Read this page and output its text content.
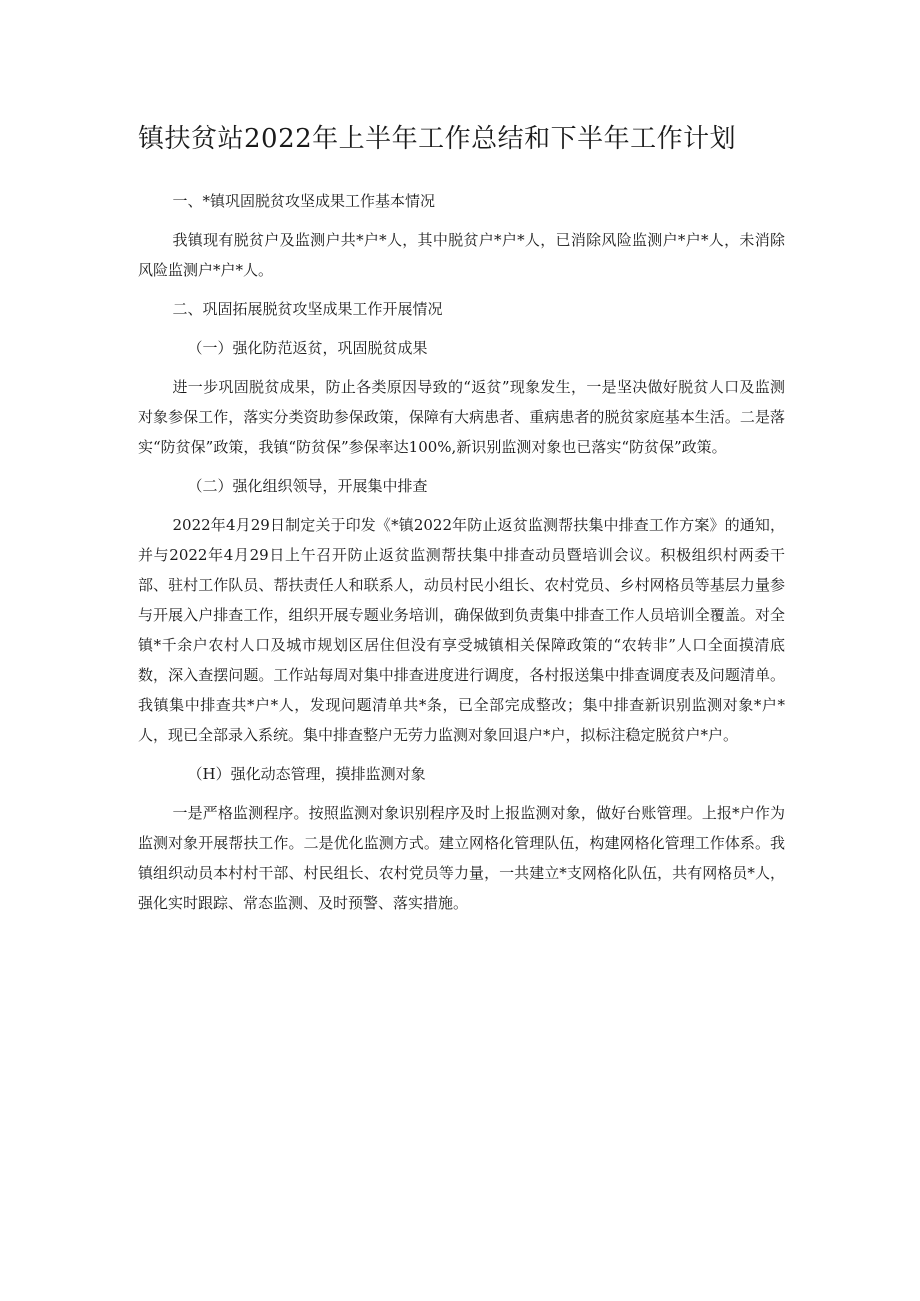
镇扶贫站2022年上半年工作总结和下半年工作计划

一、*镇巩固脱贫攻坚成果工作基本情况

我镇现有脱贫户及监测户共*户*人，其中脱贫户*户*人，已消除风险监测户*户*人，未消除风险监测户*户*人。

二、巩固拓展脱贫攻坚成果工作开展情况

（一）强化防范返贫，巩固脱贫成果

进一步巩固脱贫成果，防止各类原因导致的“返贫”现象发生，一是坚决做好脱贫人口及监测对象参保工作，落实分类资助参保政策，保障有大病患者、重病患者的脱贫家庭基本生活。二是落实“防贫保”政策，我镇“防贫保”参保率达100%,新识别监测对象也已落实“防贫保”政策。

（二）强化组织领导，开展集中排查

2022年4月29日制定关于印发《*镇2022年防止返贫监测帮扶集中排查工作方案》的通知，并与2022年4月29日上午召开防止返贫监测帮扶集中排查动员暨培训会议。积极组织村两委干部、驻村工作队员、帮扶责任人和联系人，动员村民小组长、农村党员、乡村网格员等基层力量参与开展入户排查工作，组织开展专题业务培训，确保做到负责集中排查工作人员培训全覆盖。对全镇*千余户农村人口及城市规划区居住但没有享受城镇相关保障政策的“农转非”人口全面摸清底数，深入查摆问题。工作站每周对集中排查进度进行调度，各村报送集中排查调度表及问题清单。我镇集中排查共*户*人，发现问题清单共*条，已全部完成整改；集中排查新识别监测对象*户*人，现已全部录入系统。集中排查整户无劳力监测对象回退户*户，拟标注稳定脱贫户*户。

（H）强化动态管理，摸排监测对象

一是严格监测程序。按照监测对象识别程序及时上报监测对象，做好台账管理。上报*户作为监测对象开展帮扶工作。二是优化监测方式。建立网格化管理队伍，构建网格化管理工作体系。我镇组织动员本村村干部、村民组长、农村党员等力量，一共建立*支网格化队伍，共有网格员*人，强化实时跟踪、常态监测、及时预警、落实措施。
